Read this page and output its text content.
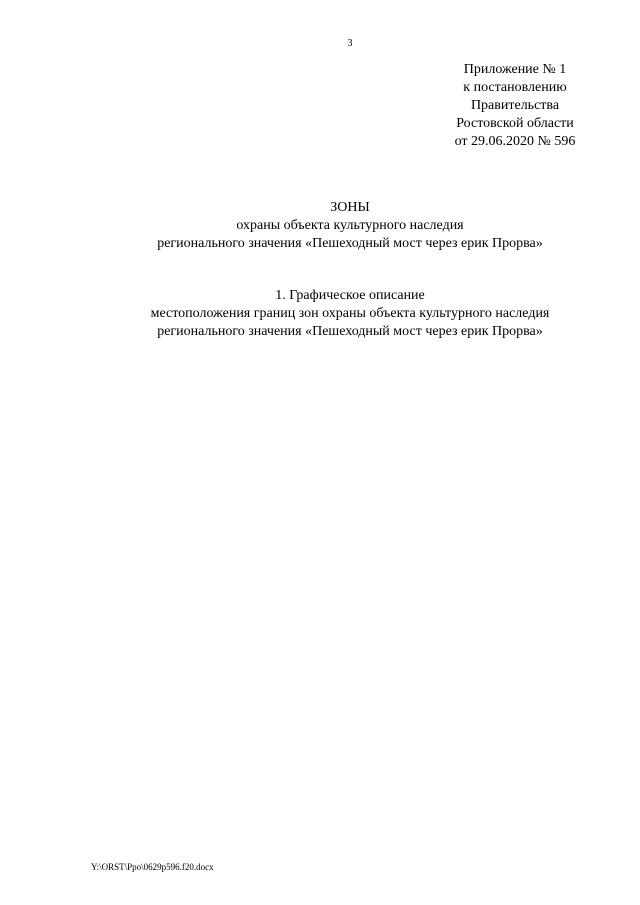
3
Приложение № 1
к постановлению
Правительства
Ростовской области
от 29.06.2020 № 596
ЗОНЫ
охраны объекта культурного наследия
регионального значения «Пешеходный мост через ерик Прорва»
1. Графическое описание
местоположения границ зон охраны объекта культурного наследия
регионального значения «Пешеходный мост через ерик Прорва»
Y:\ORST\Ppo\0629p596.f20.docx
